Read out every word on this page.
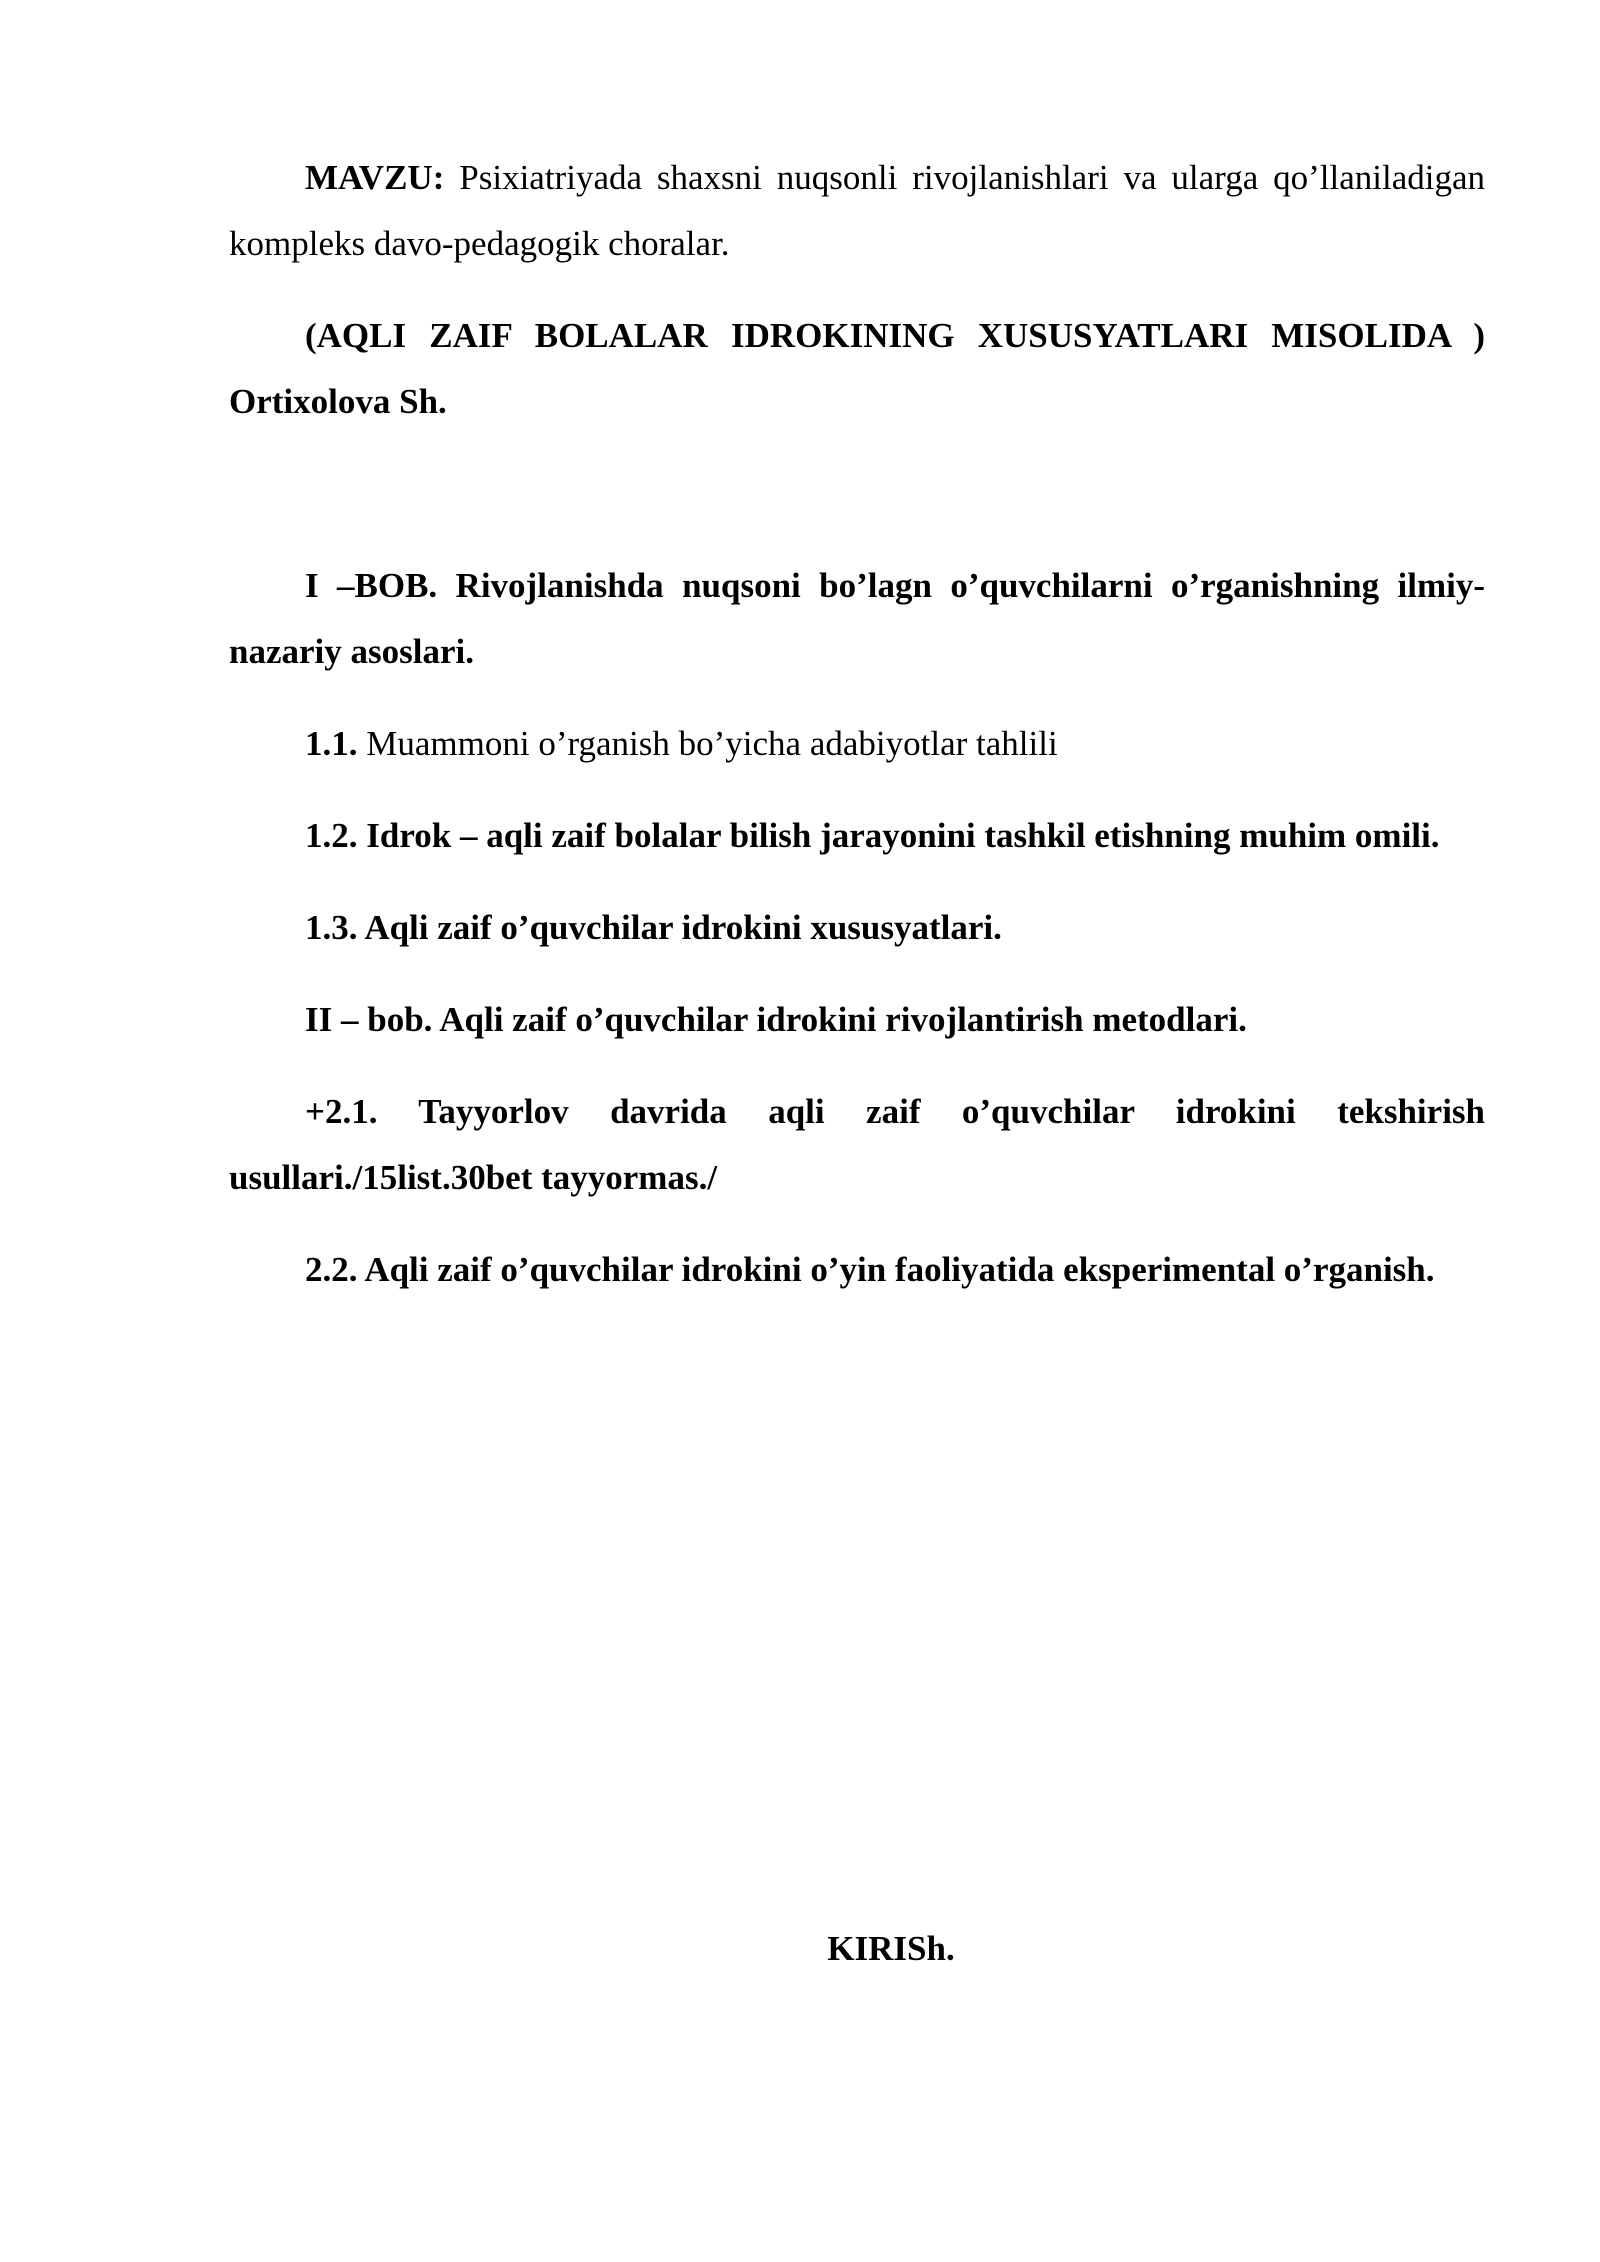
MAVZU: Psixiatriyada shaxsni nuqsonli rivojlanishlari va ularga qo’llaniladigan kompleks davo-pedagogik choralar.

(AQLI ZAIF BOLALAR IDROKINING XUSUSYATLARI MISOLIDA ) Ortixolova Sh.

I –BOB. Rivojlanishda nuqsoni bo’lagn o’quvchilarni o’rganishning ilmiy-nazariy asoslari.

1.1. Muammoni o’rganish bo’yicha adabiyotlar tahlili

1.2. Idrok – aqli zaif bolalar bilish jarayonini tashkil etishning muhim omili.

1.3. Aqli zaif o’quvchilar idrokini xususyatlari.

II – bob. Aqli zaif o’quvchilar idrokini rivojlantirish metodlari.

+2.1. Tayyorlov davrida aqli zaif o’quvchilar idrokini tekshirish usullari./15list.30bet tayyormas./

2.2. Aqli zaif o’quvchilar idrokini o’yin faoliyatida eksperimental o’rganish.

KIRISh.
